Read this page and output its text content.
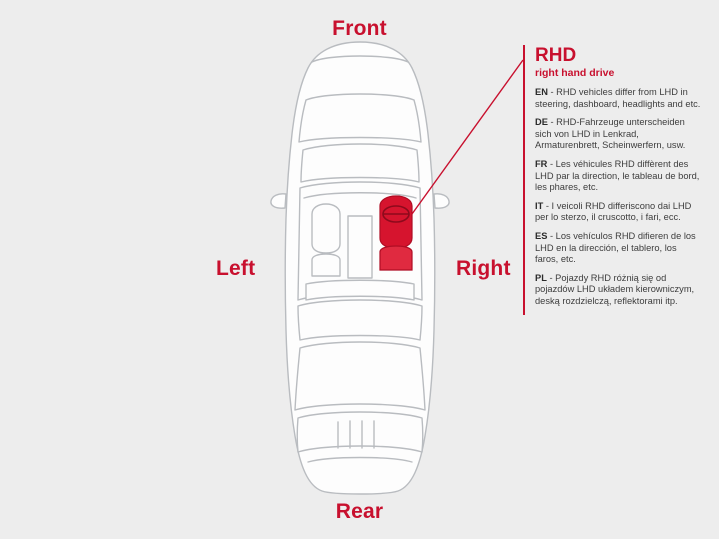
Front
Rear
Left	Right
RHD
right hand drive
EN - RHD vehicles differ from LHD in steering, dashboard, headlights and etc.
DE - RHD-Fahrzeuge unterscheiden sich von LHD in Lenkrad, Armaturenbrett, Scheinwerfern, usw.
FR - Les véhicules RHD diffèrent des LHD par la direction, le tableau de bord, les phares, etc.
IT - I veicoli RHD differiscono dai LHD per lo sterzo, il cruscotto, i fari, ecc.
ES - Los vehículos RHD difieren de los LHD en la dirección, el tablero, los faros, etc.
PL - Pojazdy RHD różnią się od pojazdów LHD układem kierowniczym, deską rozdzielczą, reflektorami itp.
